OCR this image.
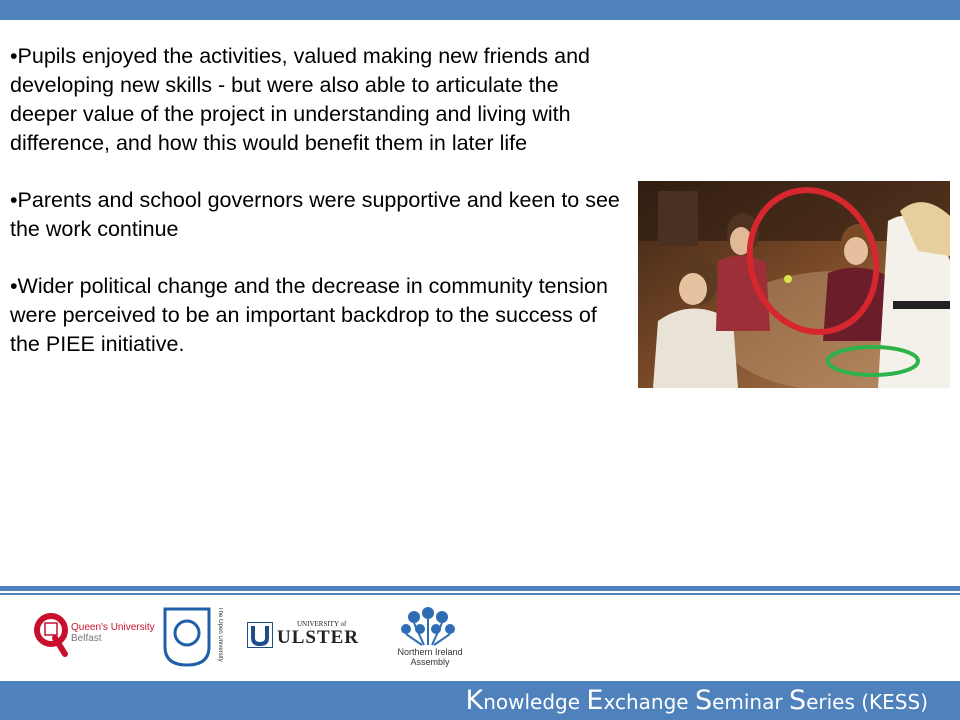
•Pupils enjoyed the activities, valued making new friends and developing new skills - but were also able to articulate the deeper value of the project in understanding and living with difference, and how this would benefit them in later life

•Parents and school governors were supportive and keen to see the work continue

•Wider political change and the decrease in community tension were perceived to be an important backdrop to the success of the PIEE initiative.

Queen's University
Belfast	The Open University	UNIVERSITY of
ULSTER
Northern Ireland
Assembly
Knowledge Exchange Seminar Series (KESS)
